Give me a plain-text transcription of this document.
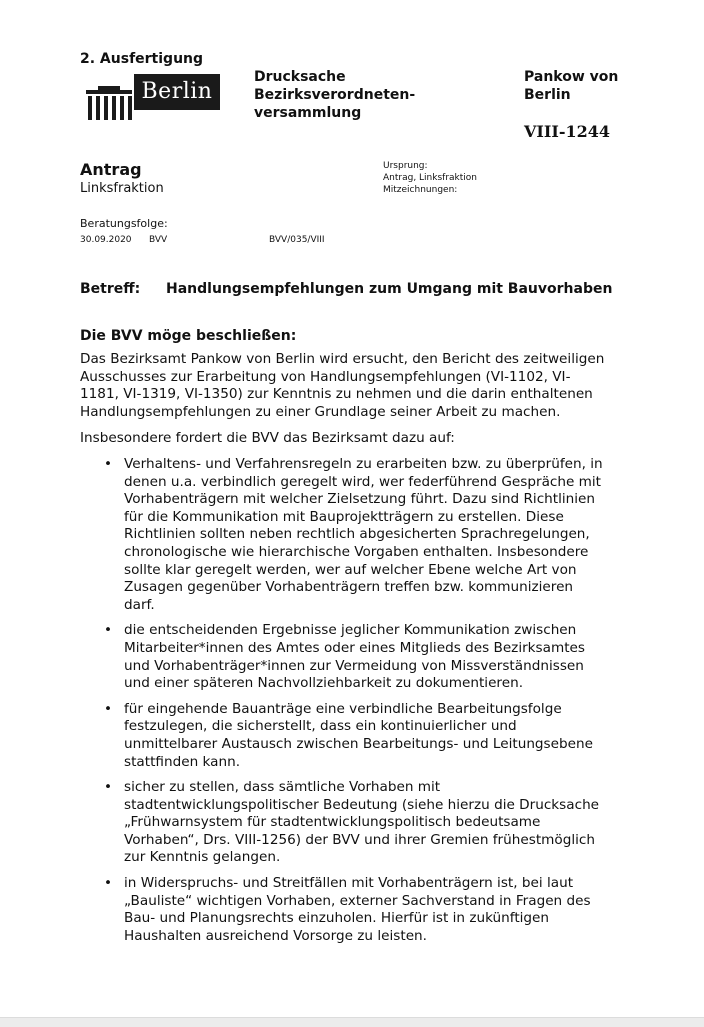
2. Ausfertigung
Berlin
Drucksache
Bezirksverordneten-
versammlung
Pankow von
Berlin
VIII-1244
Antrag
Linksfraktion
Ursprung:
Antrag, Linksfraktion
Mitzeichnungen:
Beratungsfolge:
30.09.2020 BVV	BVV/035/VIII
Betreff: Handlungsempfehlungen zum Umgang mit Bauvorhaben
Die BVV möge beschließen:
Das Bezirksamt Pankow von Berlin wird ersucht, den Bericht des zeitweiligen
Ausschusses zur Erarbeitung von Handlungsempfehlungen (VI-1102, VI-
1181, VI-1319, VI-1350) zur Kenntnis zu nehmen und die darin enthaltenen
Handlungsempfehlungen zu einer Grundlage seiner Arbeit zu machen.
Insbesondere fordert die BVV das Bezirksamt dazu auf:
• Verhaltens- und Verfahrensregeln zu erarbeiten bzw. zu überprüfen, in
denen u.a. verbindlich geregelt wird, wer federführend Gespräche mit
Vorhabenträgern mit welcher Zielsetzung führt. Dazu sind Richtlinien
für die Kommunikation mit Bauprojektträgern zu erstellen. Diese
Richtlinien sollten neben rechtlich abgesicherten Sprachregelungen,
chronologische wie hierarchische Vorgaben enthalten. Insbesondere
sollte klar geregelt werden, wer auf welcher Ebene welche Art von
Zusagen gegenüber Vorhabenträgern treffen bzw. kommunizieren
darf.
• die entscheidenden Ergebnisse jeglicher Kommunikation zwischen
Mitarbeiter*innen des Amtes oder eines Mitglieds des Bezirksamtes
und Vorhabenträger*innen zur Vermeidung von Missverständnissen
und einer späteren Nachvollziehbarkeit zu dokumentieren.
• für eingehende Bauanträge eine verbindliche Bearbeitungsfolge
festzulegen, die sicherstellt, dass ein kontinuierlicher und
unmittelbarer Austausch zwischen Bearbeitungs- und Leitungsebene
stattfinden kann.
• sicher zu stellen, dass sämtliche Vorhaben mit
stadtentwicklungspolitischer Bedeutung (siehe hierzu die Drucksache
„Frühwarnsystem für stadtentwicklungspolitisch bedeutsame
Vorhaben“, Drs. VIII-1256) der BVV und ihrer Gremien frühestmöglich
zur Kenntnis gelangen.
• in Widerspruchs- und Streitfällen mit Vorhabenträgern ist, bei laut
„Bauliste“ wichtigen Vorhaben, externer Sachverstand in Fragen des
Bau- und Planungsrechts einzuholen. Hierfür ist in zukünftigen
Haushalten ausreichend Vorsorge zu leisten.
